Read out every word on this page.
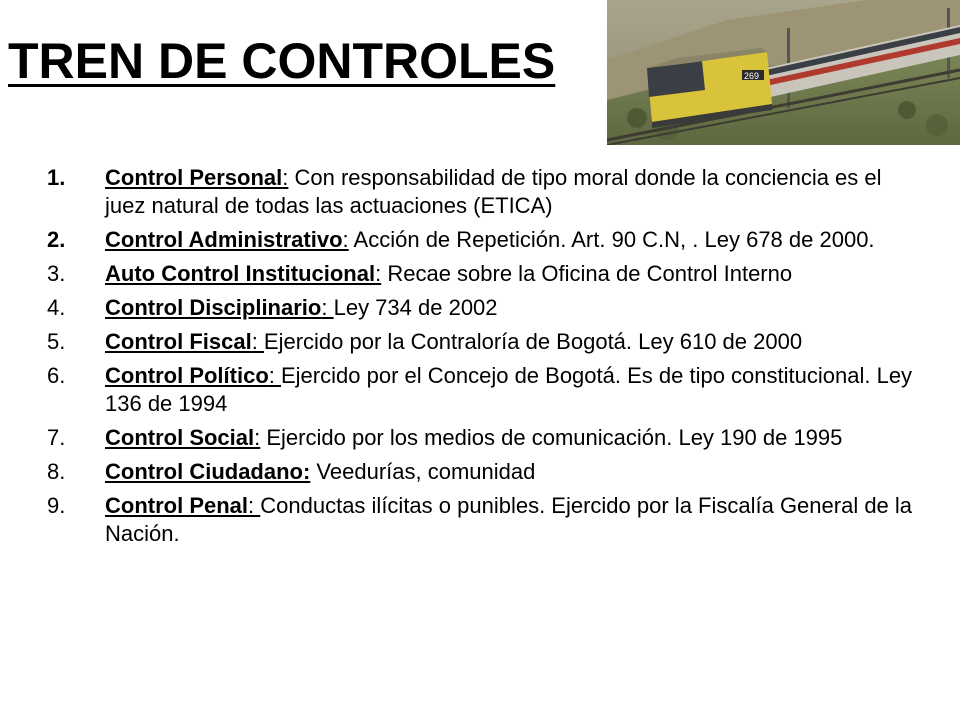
TREN DE CONTROLES	269
1. Control Personal: Con responsabilidad de tipo moral donde la conciencia es el juez natural de todas las actuaciones (ETICA)
2. Control Administrativo: Acción de Repetición. Art. 90 C.N, . Ley 678 de 2000.
3. Auto Control Institucional: Recae sobre la Oficina de Control Interno
4. Control Disciplinario: Ley 734 de 2002
5. Control Fiscal: Ejercido por la Contraloría de Bogotá. Ley 610 de 2000
6. Control Político: Ejercido por el Concejo de Bogotá. Es de tipo constitucional. Ley 136 de 1994
7. Control Social: Ejercido por los medios de comunicación. Ley 190 de 1995
8. Control Ciudadano: Veedurías, comunidad
9. Control Penal: Conductas ilícitas o punibles. Ejercido por la Fiscalía General de la Nación.
